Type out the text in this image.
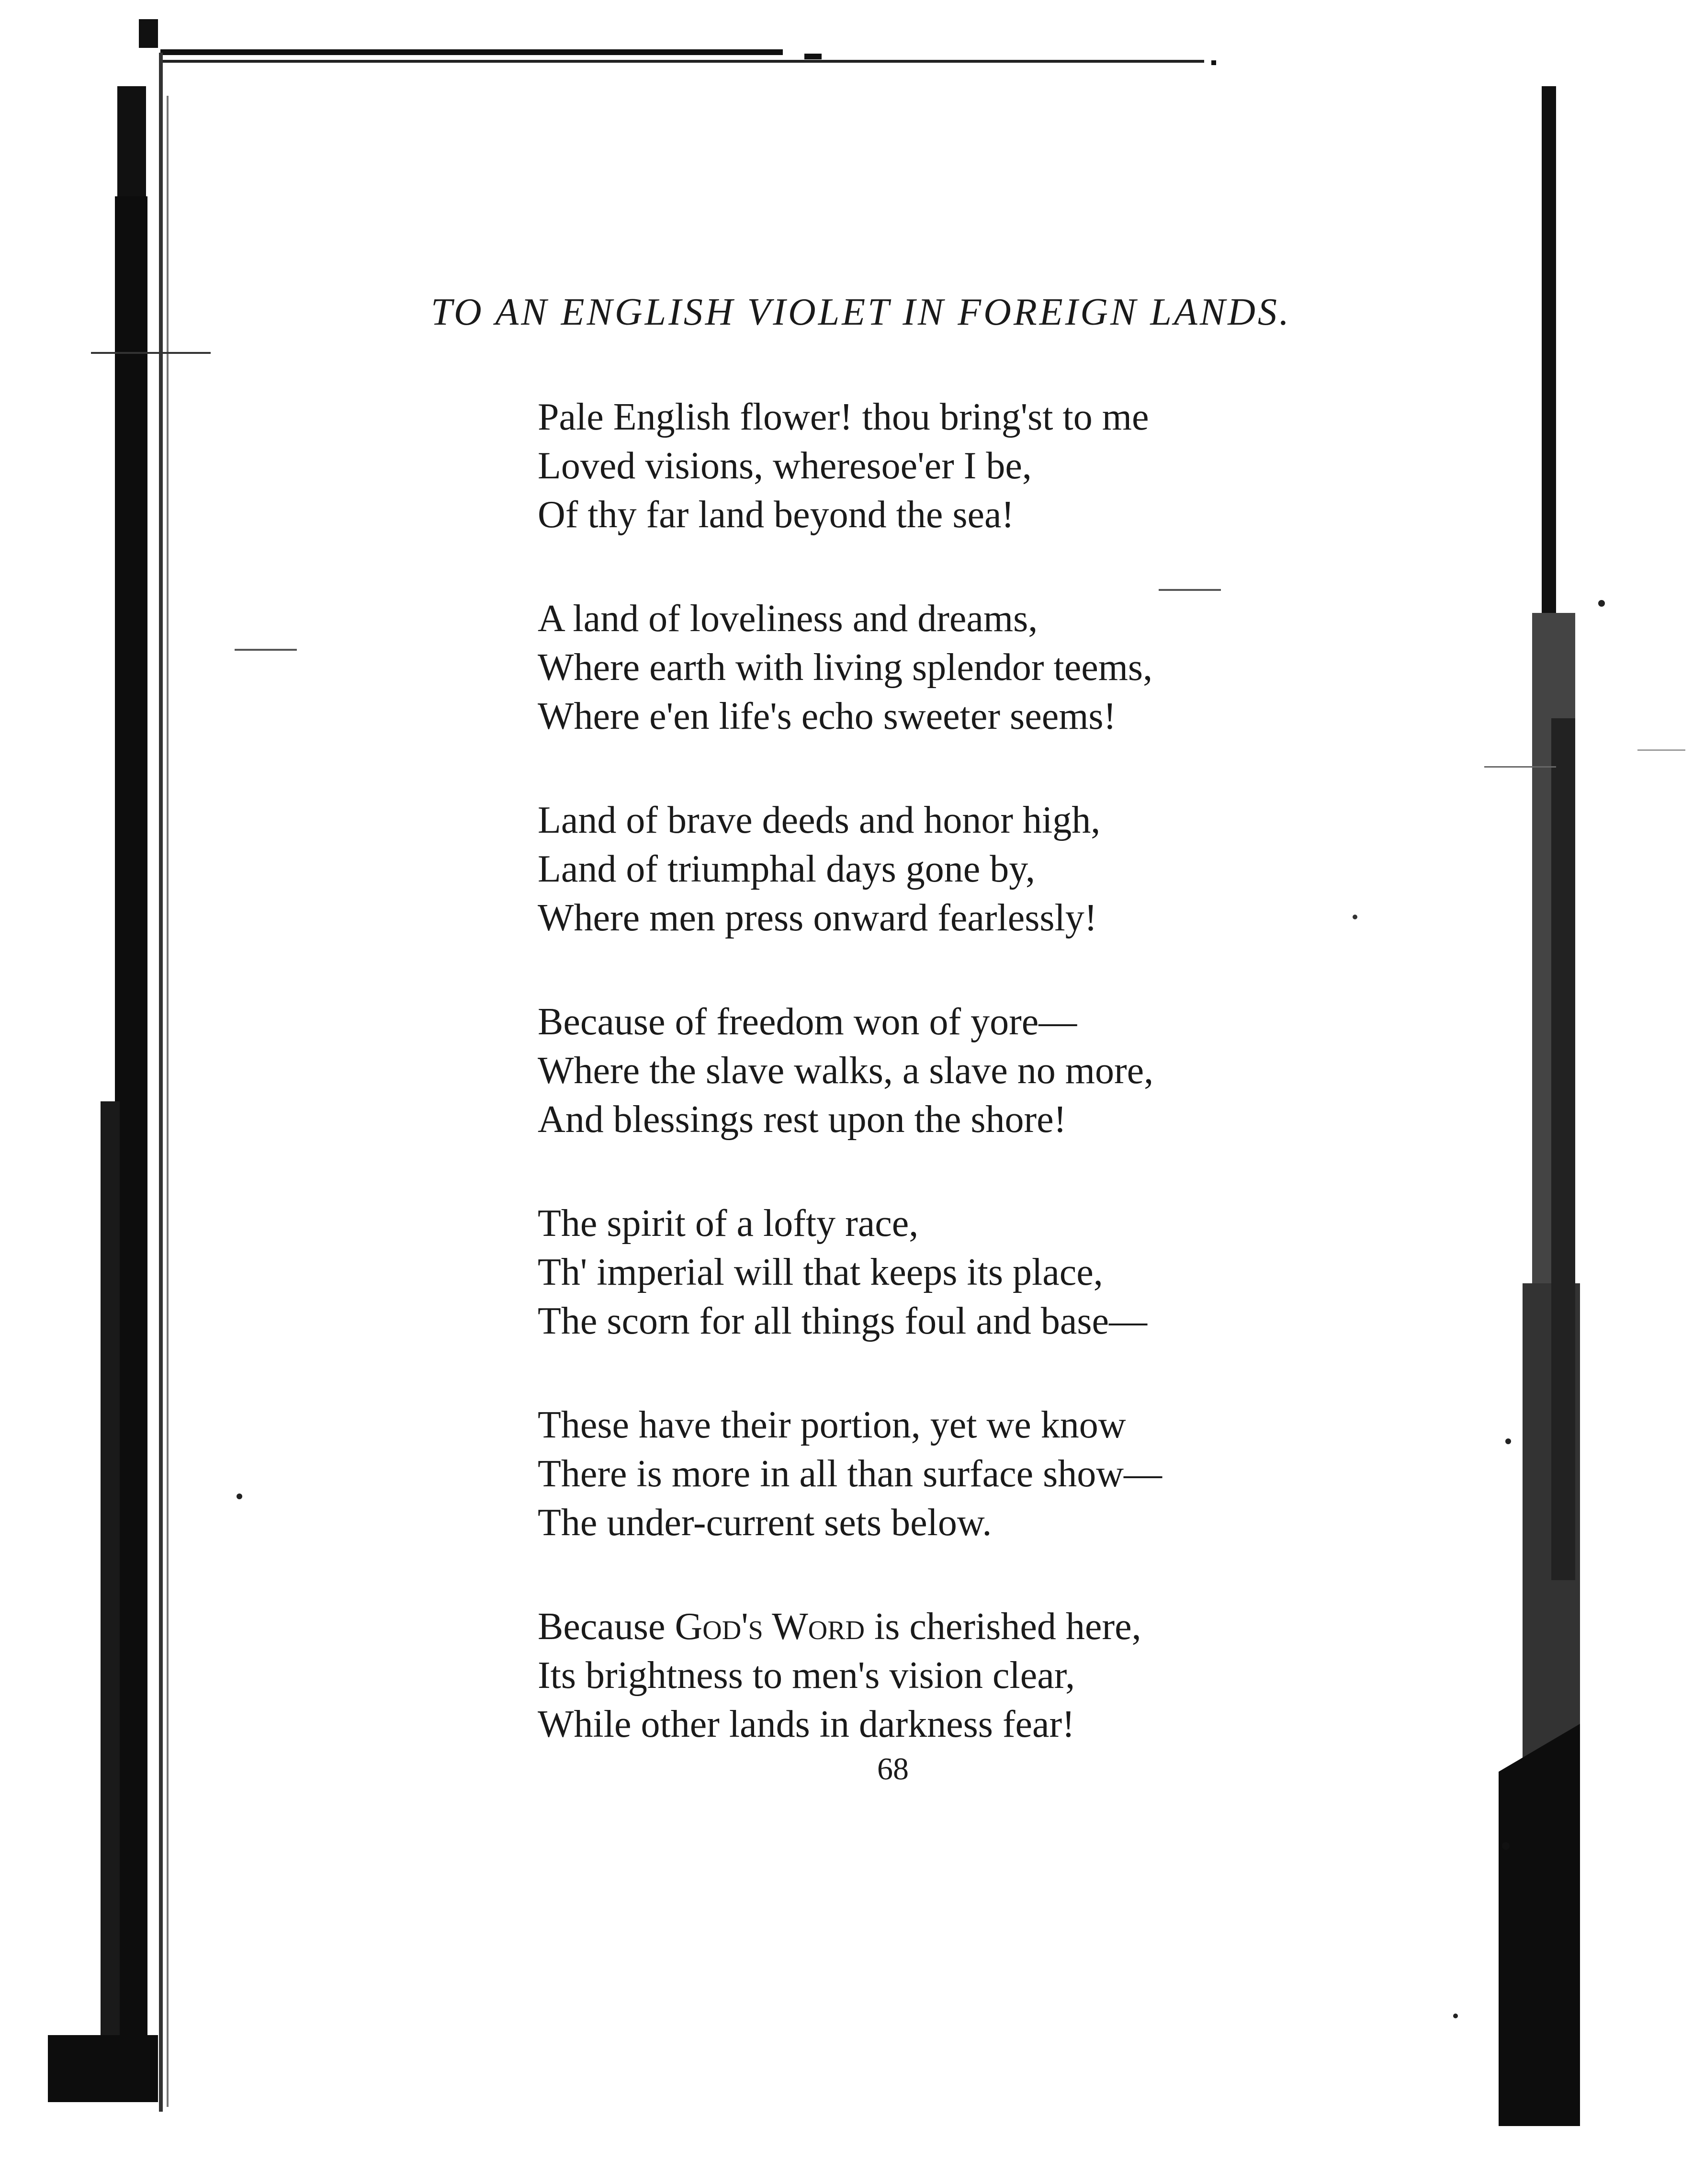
TO AN ENGLISH VIOLET IN FOREIGN LANDS.
Pale English flower! thou bring'st to me
Loved visions, wheresoe'er I be,
Of thy far land beyond the sea!
A land of loveliness and dreams,
Where earth with living splendor teems,
Where e'en life's echo sweeter seems!
Land of brave deeds and honor high,
Land of triumphal days gone by,
Where men press onward fearlessly!
Because of freedom won of yore—
Where the slave walks, a slave no more,
And blessings rest upon the shore!
The spirit of a lofty race,
Th' imperial will that keeps its place,
The scorn for all things foul and base—
These have their portion, yet we know
There is more in all than surface show—
The under-current sets below.
Because God's Word is cherished here,
Its brightness to men's vision clear,
While other lands in darkness fear!
68
